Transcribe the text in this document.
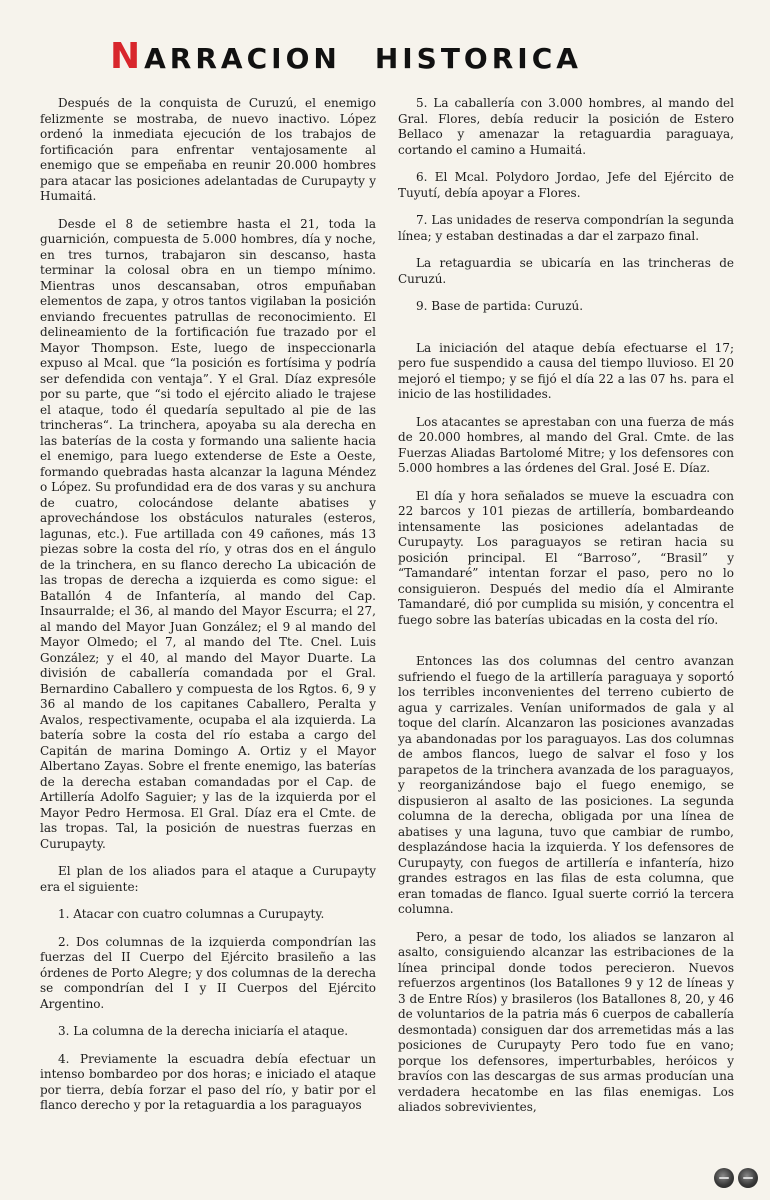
NARRACION HISTORICA

Después de la conquista de Curuzú, el enemigo felizmente se mostraba, de nuevo inactivo. López ordenó la inmediata ejecución de los trabajos de fortificación para enfrentar ventajosamente al enemigo que se empeñaba en reunir 20.000 hombres para atacar las posiciones adelantadas de Curupayty y Humaitá.

Desde el 8 de setiembre hasta el 21, toda la guarnición, compuesta de 5.000 hombres, día y noche, en tres turnos, trabajaron sin descanso, hasta terminar la colosal obra en un tiempo mínimo. Mientras unos descansaban, otros empuñaban elementos de zapa, y otros tantos vigilaban la posición enviando frecuentes patrullas de reconocimiento. El delineamiento de la fortificación fue trazado por el Mayor Thompson. Este, luego de inspeccionarla expuso al Mcal. que “la posición es fortísima y podría ser defendida con ventaja”. Y el Gral. Díaz expresóle por su parte, que “si todo el ejército aliado le trajese el ataque, todo él quedaría sepultado al pie de las trincheras“. La trinchera, apoyaba su ala derecha en las baterías de la costa y formando una saliente hacia el enemigo, para luego extenderse de Este a Oeste, formando quebradas hasta alcanzar la laguna Méndez o López. Su profundidad era de dos varas y su anchura de cuatro, colocándose delante abatises y aprovechándose los obstáculos naturales (esteros, lagunas, etc.). Fue artillada con 49 cañones, más 13 piezas sobre la costa del río, y otras dos en el ángulo de la trinchera, en su flanco derecho La ubicación de las tropas de derecha a izquierda es como sigue: el Batallón 4 de Infantería, al mando del Cap. Insaurralde; el 36, al mando del Mayor Escurra; el 27, al mando del Mayor Juan González; el 9 al mando del Mayor Olmedo; el 7, al mando del Tte. Cnel. Luis González; y el 40, al mando del Mayor Duarte. La división de caballería comandada por el Gral. Bernardino Caballero y compuesta de los Rgtos. 6, 9 y 36 al mando de los capitanes Caballero, Peralta y Avalos, respectivamente, ocupaba el ala izquierda. La batería sobre la costa del río estaba a cargo del Capitán de marina Domingo A. Ortiz y el Mayor Albertano Zayas. Sobre el frente enemigo, las baterías de la derecha estaban comandadas por el Cap. de Artillería Adolfo Saguier; y las de la izquierda por el Mayor Pedro Hermosa. El Gral. Díaz era el Cmte. de las tropas. Tal, la posición de nuestras fuerzas en Curupayty.

El plan de los aliados para el ataque a Curupayty era el siguiente:

1. Atacar con cuatro columnas a Curupayty.

2. Dos columnas de la izquierda compondrían las fuerzas del II Cuerpo del Ejército brasileño a las órdenes de Porto Alegre; y dos columnas de la derecha se compondrían del I y II Cuerpos del Ejército Argentino.

3. La columna de la derecha iniciaría el ataque.

4. Previamente la escuadra debía efectuar un intenso bombardeo por dos horas; e iniciado el ataque por tierra, debía forzar el paso del río, y batir por el flanco derecho y por la retaguardia a los paraguayos

5. La caballería con 3.000 hombres, al mando del Gral. Flores, debía reducir la posición de Estero Bellaco y amenazar la retaguardia paraguaya, cortando el camino a Humaitá.

6. El Mcal. Polydoro Jordao, Jefe del Ejército de Tuyutí, debía apoyar a Flores.

7. Las unidades de reserva compondrían la segunda línea; y estaban destinadas a dar el zarpazo final.

La retaguardia se ubicaría en las trincheras de Curuzú.

9. Base de partida: Curuzú.

La iniciación del ataque debía efectuarse el 17; pero fue suspendido a causa del tiempo lluvioso. El 20 mejoró el tiempo; y se fijó el día 22 a las 07 hs. para el inicio de las hostilidades.

Los atacantes se aprestaban con una fuerza de más de 20.000 hombres, al mando del Gral. Cmte. de las Fuerzas Aliadas Bartolomé Mitre; y los defensores con 5.000 hombres a las órdenes del Gral. José E. Díaz.

El día y hora señalados se mueve la escuadra con 22 barcos y 101 piezas de artillería, bombardeando intensamente las posiciones adelantadas de Curupayty. Los paraguayos se retiran hacia su posición principal. El “Barroso”, “Brasil” y “Tamandaré” intentan forzar el paso, pero no lo consiguieron. Después del medio día el Almirante Tamandaré, dió por cumplida su misión, y concentra el fuego sobre las baterías ubicadas en la costa del río.

Entonces las dos columnas del centro avanzan sufriendo el fuego de la artillería paraguaya y soportó los terribles inconvenientes del terreno cubierto de agua y carrizales. Venían uniformados de gala y al toque del clarín. Alcanzaron las posiciones avanzadas ya abandonadas por los paraguayos. Las dos columnas de ambos flancos, luego de salvar el foso y los parapetos de la trinchera avanzada de los paraguayos, y reorganizándose bajo el fuego enemigo, se dispusieron al asalto de las posiciones. La segunda columna de la derecha, obligada por una línea de abatises y una laguna, tuvo que cambiar de rumbo, desplazándose hacia la izquierda. Y los defensores de Curupayty, con fuegos de artillería e infantería, hizo grandes estragos en las filas de esta columna, que eran tomadas de flanco. Igual suerte corrió la tercera columna.

Pero, a pesar de todo, los aliados se lanzaron al asalto, consiguiendo alcanzar las estribaciones de la línea principal donde todos perecieron. Nuevos refuerzos argentinos (los Batallones 9 y 12 de líneas y 3 de Entre Ríos) y brasileros (los Batallones 8, 20, y 46 de voluntarios de la patria más 6 cuerpos de caballería desmontada) consiguen dar dos arremetidas más a las posiciones de Curupayty Pero todo fue en vano; porque los defensores, imperturbables, heróicos y bravíos con las descargas de sus armas producían una verdadera hecatombe en las filas enemigas. Los aliados sobrevivientes,
